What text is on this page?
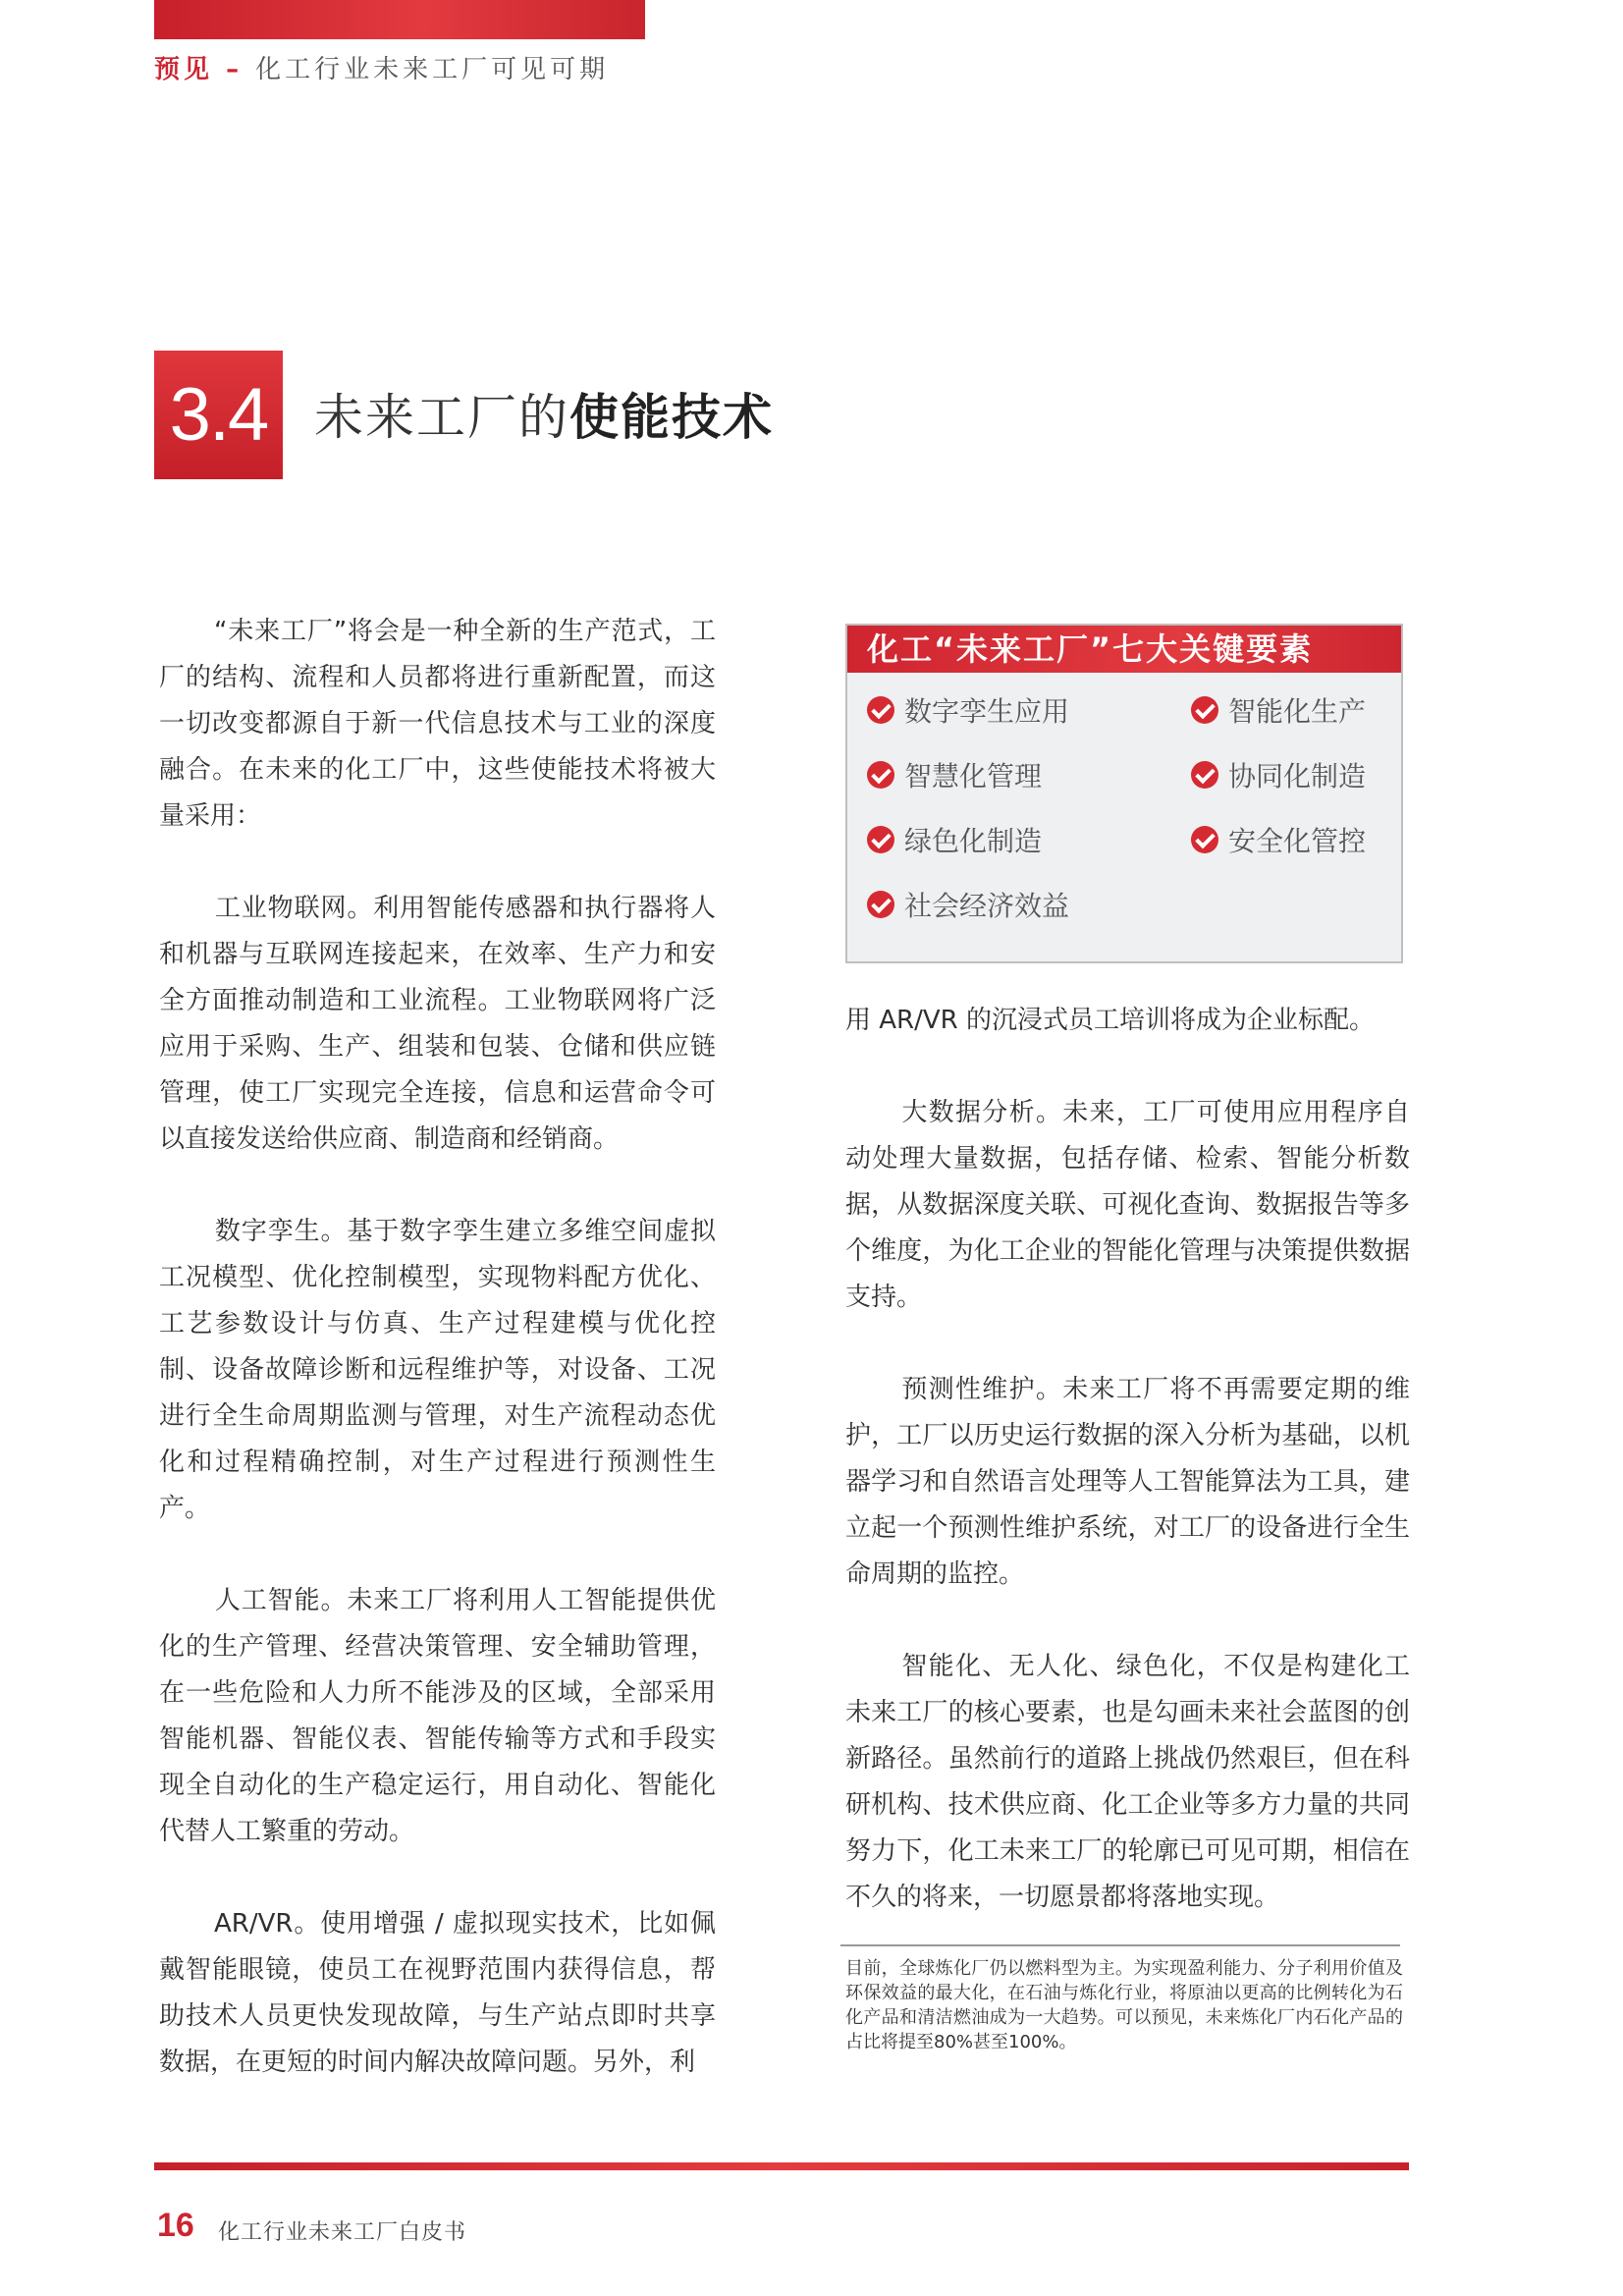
预见 – 化工行业未来工厂可见可期
3.4 未来工厂的使能技术

“未来工厂”将会是一种全新的生产范式，工厂的结构、流程和人员都将进行重新配置，而这一切改变都源自于新一代信息技术与工业的深度融合。在未来的化工厂中，这些使能技术将被大量采用：

工业物联网。利用智能传感器和执行器将人和机器与互联网连接起来，在效率、生产力和安全方面推动制造和工业流程。工业物联网将广泛应用于采购、生产、组装和包装、仓储和供应链管理，使工厂实现完全连接，信息和运营命令可以直接发送给供应商、制造商和经销商。

数字孪生。基于数字孪生建立多维空间虚拟工况模型、优化控制模型，实现物料配方优化、工艺参数设计与仿真、生产过程建模与优化控制、设备故障诊断和远程维护等，对设备、工况进行全生命周期监测与管理，对生产流程动态优化和过程精确控制，对生产过程进行预测性生产。

人工智能。未来工厂将利用人工智能提供优化的生产管理、经营决策管理、安全辅助管理，在一些危险和人力所不能涉及的区域，全部采用智能机器、智能仪表、智能传输等方式和手段实现全自动化的生产稳定运行，用自动化、智能化代替人工繁重的劳动。

AR/VR。使用增强 / 虚拟现实技术，比如佩戴智能眼镜，使员工在视野范围内获得信息，帮助技术人员更快发现故障，与生产站点即时共享数据，在更短的时间内解决故障问题。另外，利

化工“未来工厂”七大关键要素
数字孪生应用	智能化生产
智慧化管理	协同化制造
绿色化制造	安全化管控
社会经济效益

用 AR/VR 的沉浸式员工培训将成为企业标配。

大数据分析。未来，工厂可使用应用程序自动处理大量数据，包括存储、检索、智能分析数据，从数据深度关联、可视化查询、数据报告等多个维度，为化工企业的智能化管理与决策提供数据支持。

预测性维护。未来工厂将不再需要定期的维护，工厂以历史运行数据的深入分析为基础，以机器学习和自然语言处理等人工智能算法为工具，建立起一个预测性维护系统，对工厂的设备进行全生命周期的监控。

智能化、无人化、绿色化，不仅是构建化工未来工厂的核心要素，也是勾画未来社会蓝图的创新路径。虽然前行的道路上挑战仍然艰巨，但在科研机构、技术供应商、化工企业等多方力量的共同努力下，化工未来工厂的轮廓已可见可期，相信在不久的将来，一切愿景都将落地实现。

目前，全球炼化厂仍以燃料型为主。为实现盈利能力、分子利用价值及环保效益的最大化，在石油与炼化行业，将原油以更高的比例转化为石化产品和清洁燃油成为一大趋势。可以预见，未来炼化厂内石化产品的占比将提至80%甚至100%。
16 化工行业未来工厂白皮书
